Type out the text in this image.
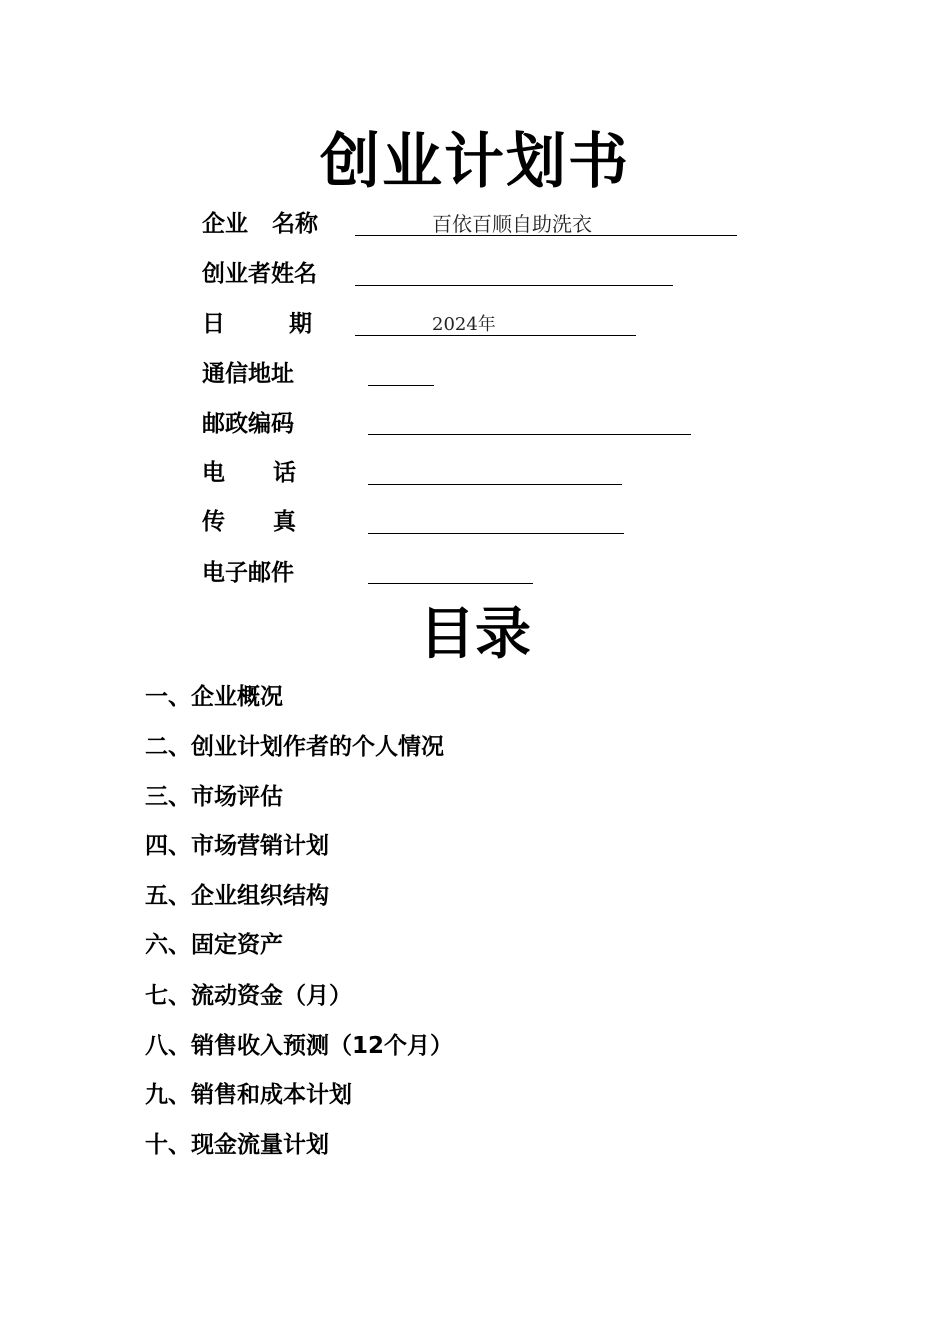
创业计划书
企业   名称	百依百顺自助洗衣
创业者姓名
日        期	2024年
通信地址
邮政编码
电      话
传      真
电子邮件
目录
一、企业概况
二、创业计划作者的个人情况
三、市场评估
四、市场营销计划
五、企业组织结构
六、固定资产
七、流动资金（月）
八、销售收入预测（12个月）
九、销售和成本计划
十、现金流量计划
